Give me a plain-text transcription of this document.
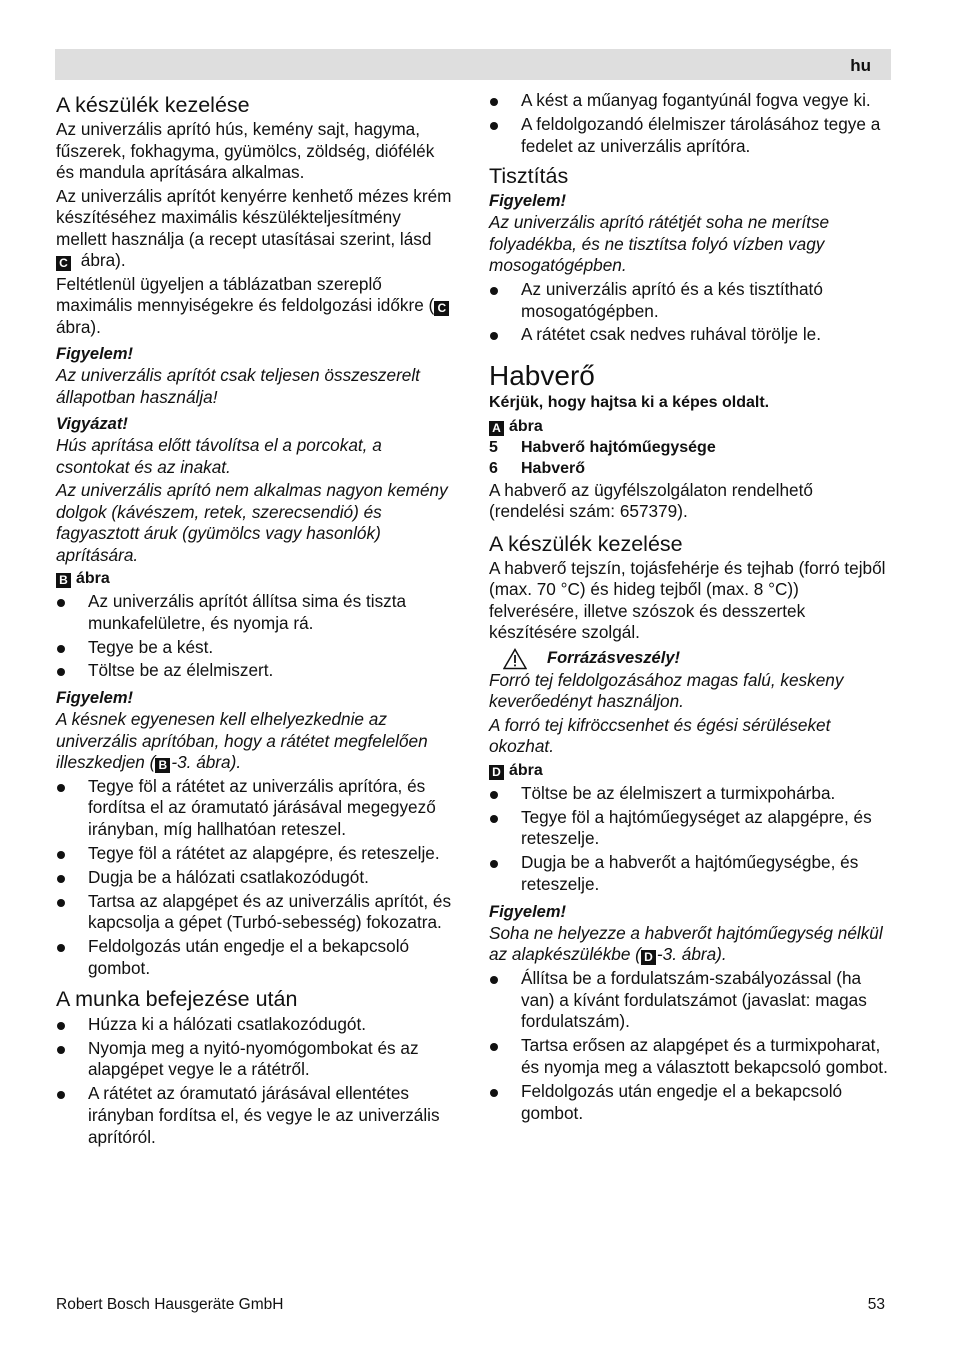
hu
A készülék kezelése
Az univerzális aprító hús, kemény sajt, hagyma, fűszerek, fokhagyma, gyümölcs, zöldség, diófélék és mandula aprítására alkalmas.
Az univerzális aprítót kenyérre kenhető mézes krém készítéséhez maximális készülékteljesítmény mellett használja (a recept utasításai szerint, lásd C ábra).
Feltétlenül ügyeljen a táblázatban szereplő maximális mennyiségekre és feldolgozási időkre ( C ábra).
Figyelem!
Az univerzális aprítót csak teljesen összeszerelt állapotban használja!
Vigyázat!
Hús aprítása előtt távolítsa el a porcokat, a csontokat és az inakat.
Az univerzális aprító nem alkalmas nagyon kemény dolgok (kávészem, retek, szerecsendió) és fagyasztott áruk (gyümölcs vagy hasonlók) aprítására.
B ábra
Az univerzális aprítót állítsa sima és tiszta munkafelületre, és nyomja rá.
Tegye be a kést.
Töltse be az élelmiszert.
Figyelem!
A késnek egyenesen kell elhelyezkednie az univerzális aprítóban, hogy a rátétet megfelelően illeszkedjen ( B -3. ábra).
Tegye föl a rátétet az univerzális aprítóra, és fordítsa el az óramutató járásával megegyező irányban, míg hallhatóan reteszel.
Tegye föl a rátétet az alapgépre, és reteszelje.
Dugja be a hálózati csatlakozódugót.
Tartsa az alapgépet és az univerzális aprítót, és kapcsolja a gépet (Turbó-sebesség) fokozatra.
Feldolgozás után engedje el a bekapcsoló gombot.
A munka befejezése után
Húzza ki a hálózati csatlakozódugót.
Nyomja meg a nyitó-nyomógombokat és az alapgépet vegye le a rátétről.
A rátétet az óramutató járásával ellentétes irányban fordítsa el, és vegye le az univerzális aprítóról.
A kést a műanyag fogantyúnál fogva vegye ki.
A feldolgozandó élelmiszer tárolásához tegye a fedelet az univerzális aprítóra.
Tisztítás
Figyelem!
Az univerzális aprító rátétjét soha ne merítse folyadékba, és ne tisztítsa folyó vízben vagy mosogatógépben.
Az univerzális aprító és a kés tisztítható mosogatógépben.
A rátétet csak nedves ruhával törölje le.
Habverő
Kérjük, hogy hajtsa ki a képes oldalt.
A ábra
5 Habverő hajtóműegysége
6 Habverő
A habverő az ügyfélszolgálaton rendelhető (rendelési szám: 657379).
A készülék kezelése
A habverő tejszín, tojásfehérje és tejhab (forró tejből (max. 70 °C) és hideg tejből (max. 8 °C)) felverésére, illetve szószok és desszertek készítésére szolgál.
Forrázásveszély!
Forró tej feldolgozásához magas falú, keskeny keverőedényt használjon.
A forró tej kifröccsenhet és égési sérüléseket okozhat.
D ábra
Töltse be az élelmiszert a turmixpohárba.
Tegye föl a hajtóműegységet az alapgépre, és reteszelje.
Dugja be a habverőt a hajtóműegységbe, és reteszelje.
Figyelem!
Soha ne helyezze a habverőt hajtóműegység nélkül az alapkészülékbe ( D -3. ábra).
Állítsa be a fordulatszám-szabályozással (ha van) a kívánt fordulatszámot (javaslat: magas fordulatszám).
Tartsa erősen az alapgépet és a turmixpoharat, és nyomja meg a választott bekapcsoló gombot.
Feldolgozás után engedje el a bekapcsoló gombot.
Robert Bosch Hausgeräte GmbH	53
